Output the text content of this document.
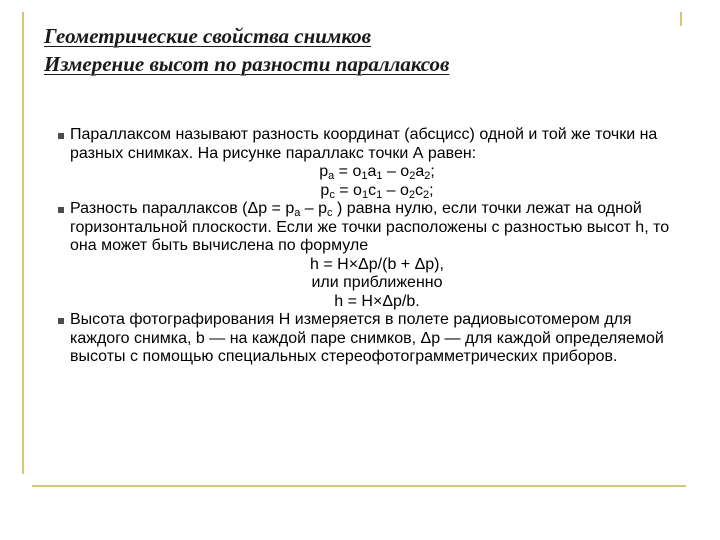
Геометрические свойства снимков
Измерение высот по разности параллаксов
Параллаксом называют разность координат (абсцисс) одной и той же точки на разных снимках. На рисунке параллакс точки А равен:
$p_a = o_1a_1 - o_2a_2$;
$p_c = o_1c_1 - o_2c_2$;
Разность параллаксов ($\Delta p = p_a - p_c$ ) равна нулю, если точки лежат на одной горизонтальной плоскости. Если же точки расположены с разностью высот h, то она может быть вычислена по формуле
h = H×Δp/(b + Δp),
или приближенно
h = H×Δp/b.
Высота фотографирования H измеряется в полете радиовысотомером для каждого снимка, b — на каждой паре снимков, Δp — для каждой определяемой высоты с помощью специальных стереофотограмметрических приборов.
